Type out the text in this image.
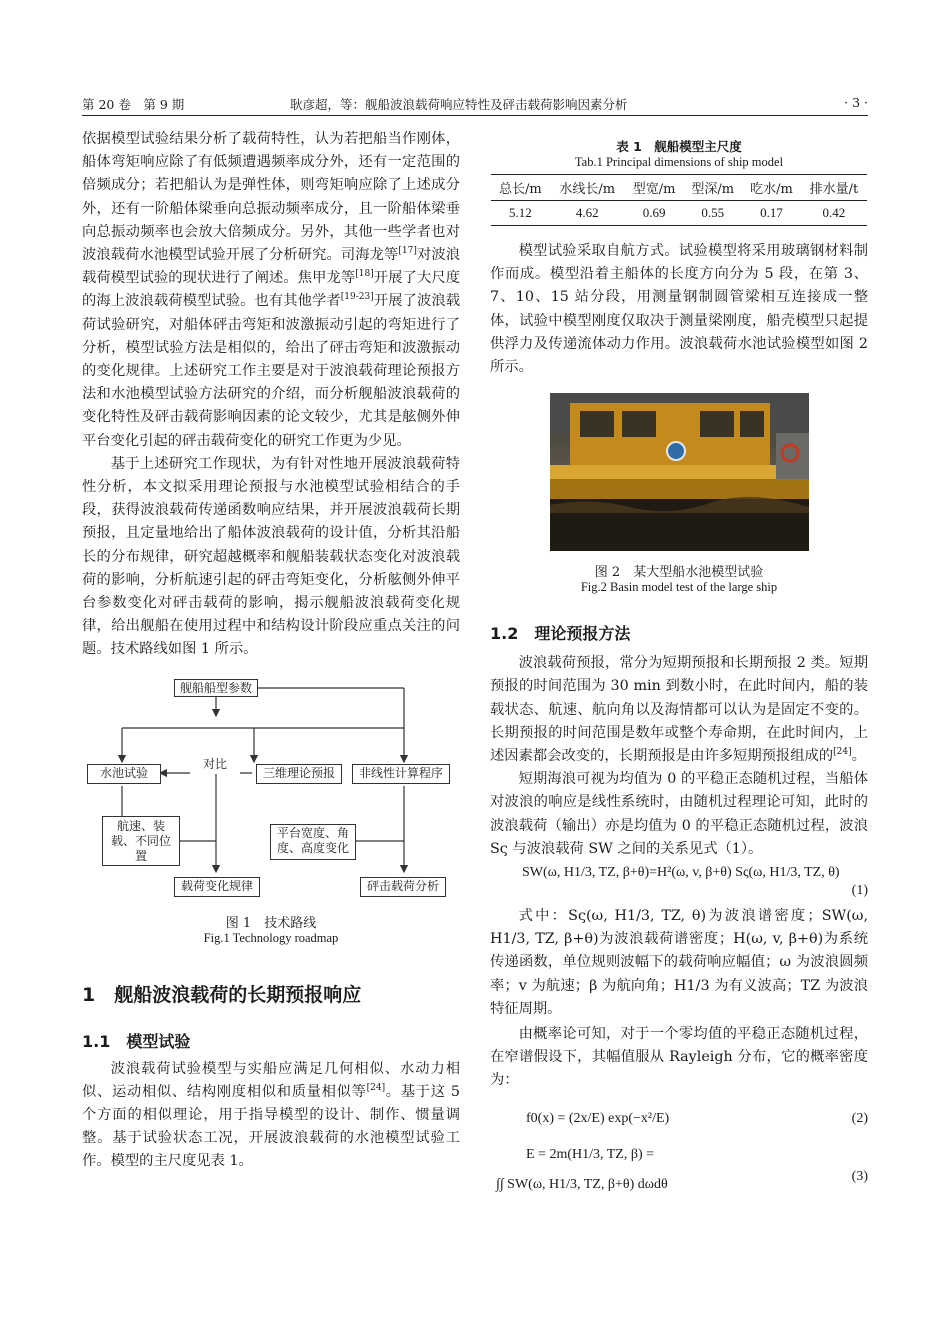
第 20 卷　第 9 期	耿彦超，等：舰船波浪载荷响应特性及砰击载荷影响因素分析	· 3 ·

依据模型试验结果分析了载荷特性，认为若把船当作刚体，船体弯矩响应除了有低频遭遇频率成分外，还有一定范围的倍频成分；若把船认为是弹性体，则弯矩响应除了上述成分外，还有一阶船体梁垂向总振动频率成分，且一阶船体梁垂向总振动频率也会放大倍频成分。另外，其他一些学者也对波浪载荷水池模型试验开展了分析研究。司海龙等[17]对波浪载荷模型试验的现状进行了阐述。焦甲龙等[18]开展了大尺度的海上波浪载荷模型试验。也有其他学者[19-23]开展了波浪载荷试验研究，对船体砰击弯矩和波激振动引起的弯矩进行了分析，模型试验方法是相似的，给出了砰击弯矩和波激振动的变化规律。上述研究工作主要是对于波浪载荷理论预报方法和水池模型试验方法研究的介绍，而分析舰船波浪载荷的变化特性及砰击载荷影响因素的论文较少，尤其是舷侧外伸平台变化引起的砰击载荷变化的研究工作更为少见。

基于上述研究工作现状，为有针对性地开展波浪载荷特性分析，本文拟采用理论预报与水池模型试验相结合的手段，获得波浪载荷传递函数响应结果，并开展波浪载荷长期预报，且定量地给出了船体波浪载荷的设计值，分析其沿船长的分布规律，研究超越概率和舰船装载状态变化对波浪载荷的影响，分析航速引起的砰击弯矩变化，分析舷侧外伸平台参数变化对砰击载荷的影响，揭示舰船波浪载荷变化规律，给出舰船在使用过程中和结构设计阶段应重点关注的问题。技术路线如图 1 所示。

舰船船型参数
对比
水池试验	三维理论预报	非线性计算程序
航速、装载、不同位置
平台宽度、角度、高度变化
载荷变化规律	砰击载荷分析

图 1　技术路线

Fig.1 Technology roadmap

1　舰船波浪载荷的长期预报响应
1.1　模型试验

波浪载荷试验模型与实船应满足几何相似、水动力相似、运动相似、结构刚度相似和质量相似等[24]。基于这 5 个方面的相似理论，用于指导模型的设计、制作、惯量调整。基于试验状态工况，开展波浪载荷的水池模型试验工作。模型的主尺度见表 1。

表 1　舰船模型主尺度

Tab.1 Principal dimensions of ship model

总长/m	水线长/m	型宽/m	型深/m	吃水/m	排水量/t
5.12	4.62	0.69	0.55	0.17	0.42

模型试验采取自航方式。试验模型将采用玻璃钢材料制作而成。模型沿着主船体的长度方向分为 5 段，在第 3、7、10、15 站分段，用测量钢制圆管梁相互连接成一整体，试验中模型刚度仅取决于测量梁刚度，船壳模型只起提供浮力及传递流体动力作用。波浪载荷水池试验模型如图 2 所示。

图 2　某大型船水池模型试验

Fig.2 Basin model test of the large ship

1.2　理论预报方法

波浪载荷预报，常分为短期预报和长期预报 2 类。短期预报的时间范围为 30 min 到数小时，在此时间内，船的装载状态、航速、航向角以及海情都可以认为是固定不变的。长期预报的时间范围是数年或整个寿命期，在此时间内，上述因素都会改变的，长期预报是由许多短期预报组成的[24]。

短期海浪可视为均值为 0 的平稳正态随机过程，当船体对波浪的响应是线性系统时，由随机过程理论可知，此时的波浪载荷（输出）亦是均值为 0 的平稳正态随机过程，波浪 Sς 与波浪载荷 SW 之间的关系见式（1）。

SW(ω, H1/3, TZ, β+θ)=H²(ω, v, β+θ) Sς(ω, H1/3, TZ, θ)
(1)

式中：Sς(ω, H1/3, TZ, θ)为波浪谱密度；SW(ω, H1/3, TZ, β+θ)为波浪载荷谱密度；H(ω, v, β+θ)为系统传递函数，单位规则波幅下的载荷响应幅值；ω 为波浪圆频率；v 为航速；β 为航向角；H1/3 为有义波高；TZ 为波浪特征周期。

由概率论可知，对于一个零均值的平稳正态随机过程，在窄谱假设下，其幅值服从 Rayleigh 分布，它的概率密度为：

f0(x) = (2x/E) exp(−x²/E)	(2)
E = 2m(H1/3, TZ, β) =
∫∫ SW(ω, H1/3, TZ, β+θ) dωdθ
(3)
